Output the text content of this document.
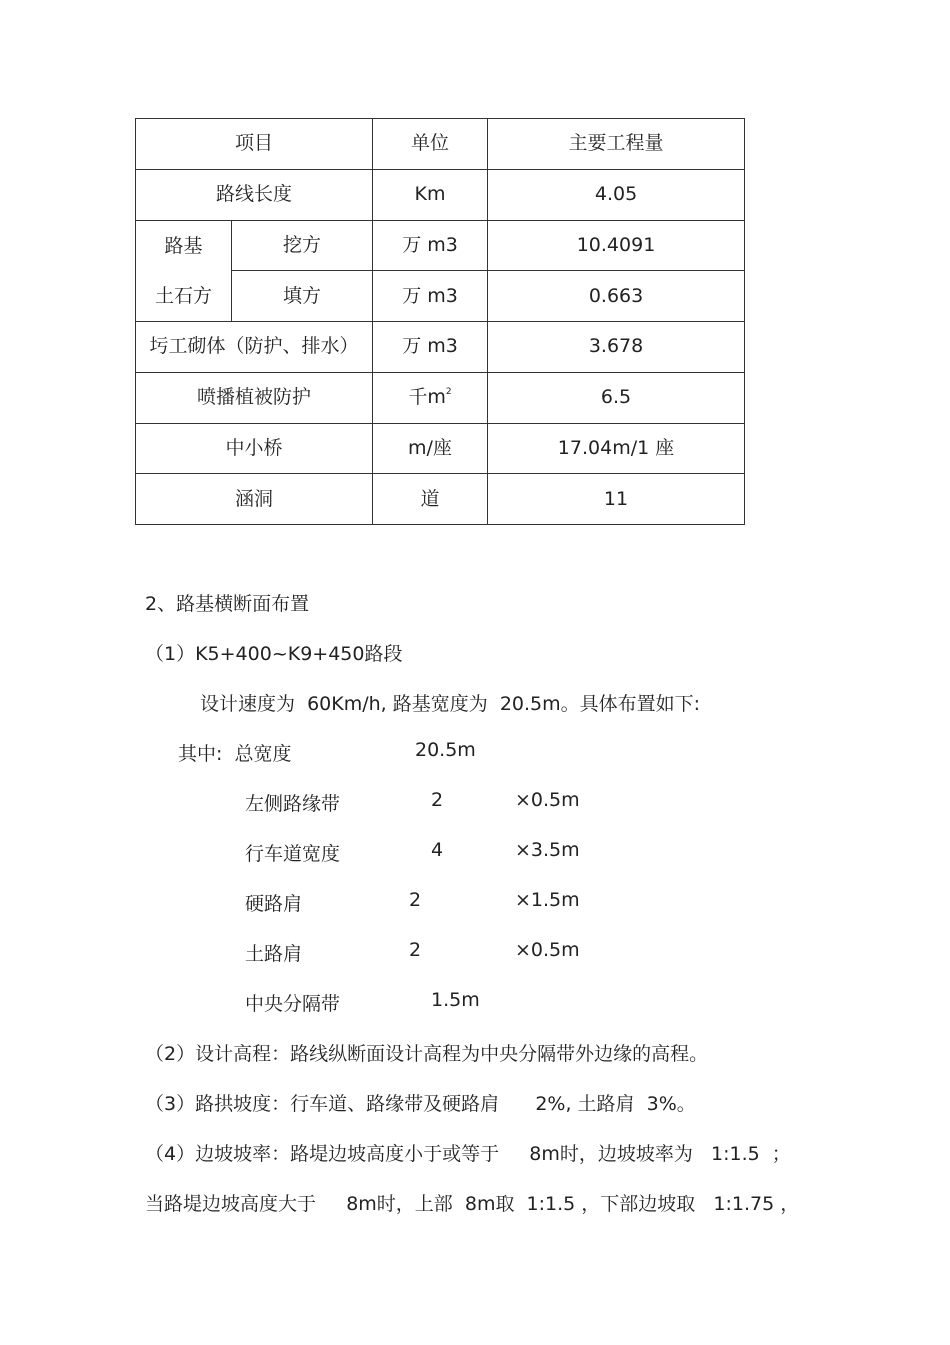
项目		单位	主要工程量
路线长度		Km	4.05

路基
土石方	挖方	万 m3	10.4091
	填方	万 m3	0.663
圬工砌体（防护、排水）		万 m3	3.678
喷播植被防护		千$m^2$	6.5
中小桥		m/座	17.04m/1 座
涵洞		道	11
2、路基横断面布置
（1）K5+400~K9+450路段
设计速度为  60Km/h, 路基宽度为  20.5m。具体布置如下:
其中:  总宽度	20.5m
左侧路缘带	2	×0.5m
行车道宽度	4	×3.5m
硬路肩	2	×1.5m
土路肩	2	×0.5m
中央分隔带	1.5m
（2）设计高程：路线纵断面设计高程为中央分隔带外边缘的高程。
（3）路拱坡度：行车道、路缘带及硬路肩      2%, 土路肩  3%。
（4）边坡坡率：路堤边坡高度小于或等于     8m时，边坡坡率为   1:1.5  ；
当路堤边坡高度大于     8m时，上部  8m取  1:1.5 ，下部边坡取   1:1.75 ，
